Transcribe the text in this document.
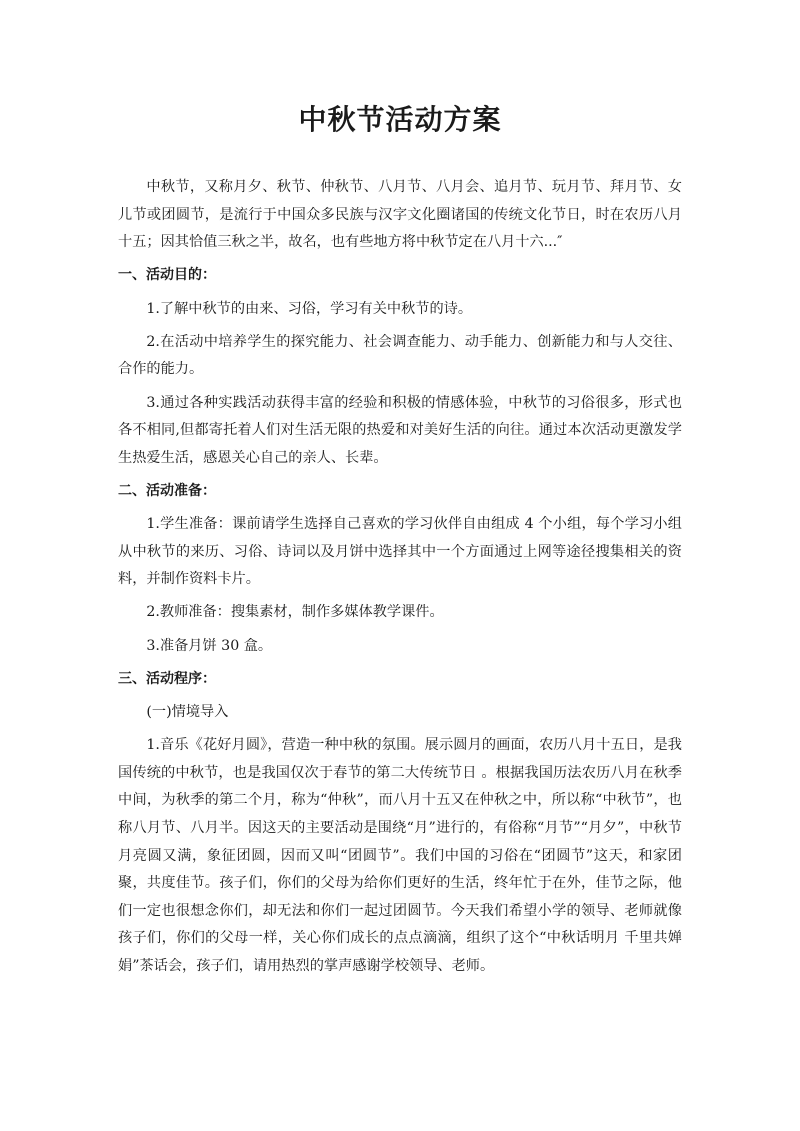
中秋节活动方案

中秋节，又称月夕、秋节、仲秋节、八月节、八月会、追月节、玩月节、拜月节、女儿节或团圆节，是流行于中国众多民族与汉字文化圈诸国的传统文化节日，时在农历八月十五；因其恰值三秋之半，故名，也有些地方将中秋节定在八月十六...″

一、活动目的：

1.了解中秋节的由来、习俗，学习有关中秋节的诗。

2.在活动中培养学生的探究能力、社会调查能力、动手能力、创新能力和与人交往、合作的能力。

3.通过各种实践活动获得丰富的经验和积极的情感体验，中秋节的习俗很多，形式也各不相同,但都寄托着人们对生活无限的热爱和对美好生活的向往。通过本次活动更激发学生热爱生活，感恩关心自己的亲人、长辈。

二、活动准备：

1.学生准备：课前请学生选择自己喜欢的学习伙伴自由组成 4 个小组，每个学习小组从中秋节的来历、习俗、诗词以及月饼中选择其中一个方面通过上网等途径搜集相关的资料，并制作资料卡片。

2.教师准备：搜集素材，制作多媒体教学课件。

3.准备月饼 30 盒。

三、活动程序：

(一)情境导入

1.音乐《花好月圆》，营造一种中秋的氛围。展示圆月的画面，农历八月十五日，是我国传统的中秋节，也是我国仅次于春节的第二大传统节日 。根据我国历法农历八月在秋季中间，为秋季的第二个月，称为“仲秋”，而八月十五又在仲秋之中，所以称“中秋节”，也称八月节、八月半。因这天的主要活动是围绕“月”进行的，有俗称“月节”“月夕”，中秋节月亮圆又满，象征团圆，因而又叫“团圆节”。我们中国的习俗在“团圆节”这天，和家团聚，共度佳节。孩子们，你们的父母为给你们更好的生活，终年忙于在外，佳节之际，他们一定也很想念你们，却无法和你们一起过团圆节。今天我们希望小学的领导、老师就像孩子们，你们的父母一样，关心你们成长的点点滴滴，组织了这个“中秋话明月 千里共婵娟”茶话会，孩子们，请用热烈的掌声感谢学校领导、老师。
